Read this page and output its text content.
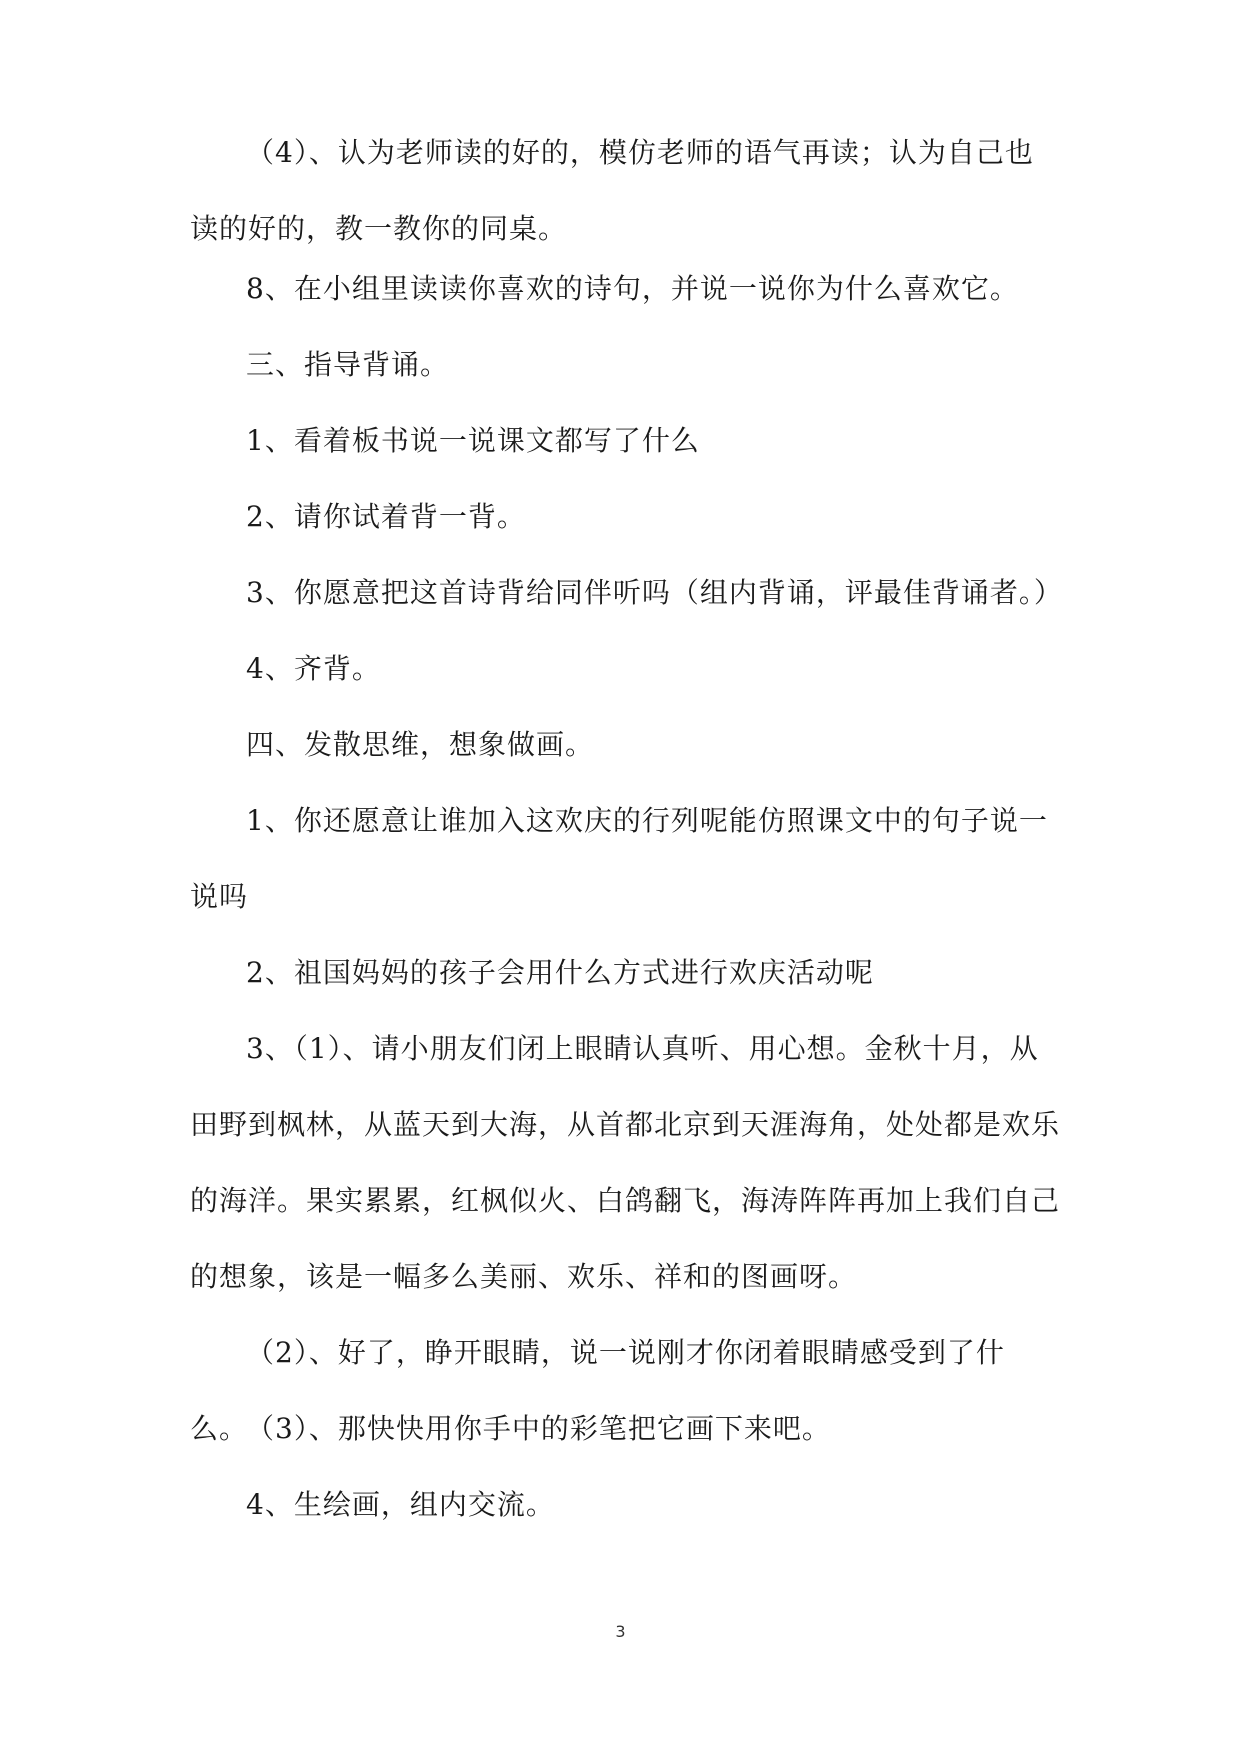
（4）、认为老师读的好的，模仿老师的语气再读；认为自己也读的好的，教一教你的同桌。

8、在小组里读读你喜欢的诗句，并说一说你为什么喜欢它。

三、指导背诵。

1、看着板书说一说课文都写了什么

2、请你试着背一背。

3、你愿意把这首诗背给同伴听吗（组内背诵，评最佳背诵者。）

4、齐背。

四、发散思维，想象做画。

1、你还愿意让谁加入这欢庆的行列呢能仿照课文中的句子说一说吗

2、祖国妈妈的孩子会用什么方式进行欢庆活动呢

3、（1）、请小朋友们闭上眼睛认真听、用心想。金秋十月，从田野到枫林，从蓝天到大海，从首都北京到天涯海角，处处都是欢乐的海洋。果实累累，红枫似火、白鸽翻飞，海涛阵阵再加上我们自己的想象，该是一幅多么美丽、欢乐、祥和的图画呀。

（2）、好了，睁开眼睛，说一说刚才你闭着眼睛感受到了什么。

（3）、那快快用你手中的彩笔把它画下来吧。

4、生绘画，组内交流。

3
